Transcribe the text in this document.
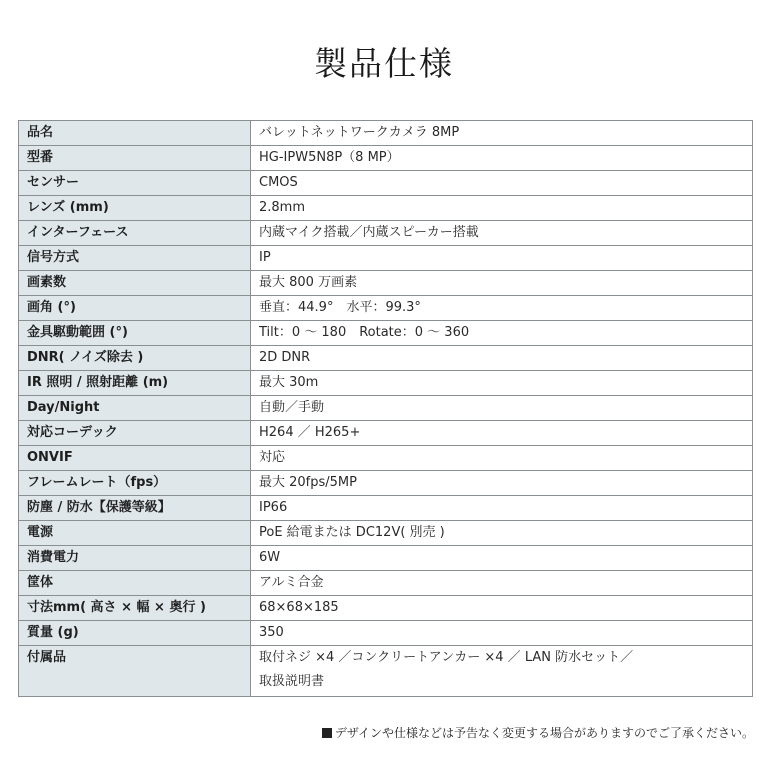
製品仕様
品名	バレットネットワークカメラ 8MP
型番	HG-IPW5N8P（8 MP）
センサー	CMOS
レンズ (mm)	2.8mm
インターフェース	内蔵マイク搭載／内蔵スピーカー搭載
信号方式	IP
画素数	最大 800 万画素
画角 (°)	垂直：44.9°　水平：99.3°
金具駆動範囲 (°)	Tilt：0 ～ 180　Rotate：0 ～ 360
DNR( ノイズ除去 )	2D DNR
IR 照明 / 照射距離 (m)	最大 30m
Day/Night	自動／手動
対応コーデック	H264 ／ H265+
ONVIF	対応
フレームレート（fps）	最大 20fps/5MP
防塵 / 防水【保護等級】	IP66
電源	PoE 給電または DC12V( 別売 )
消費電力	6W
筐体	アルミ合金
寸法mm( 高さ × 幅 × 奥行 )	68×68×185
質量 (g)	350
付属品	取付ネジ ×4 ／コンクリートアンカー ×4 ／ LAN 防水セット／
取扱説明書
デザインや仕様などは予告なく変更する場合がありますのでご了承ください。
